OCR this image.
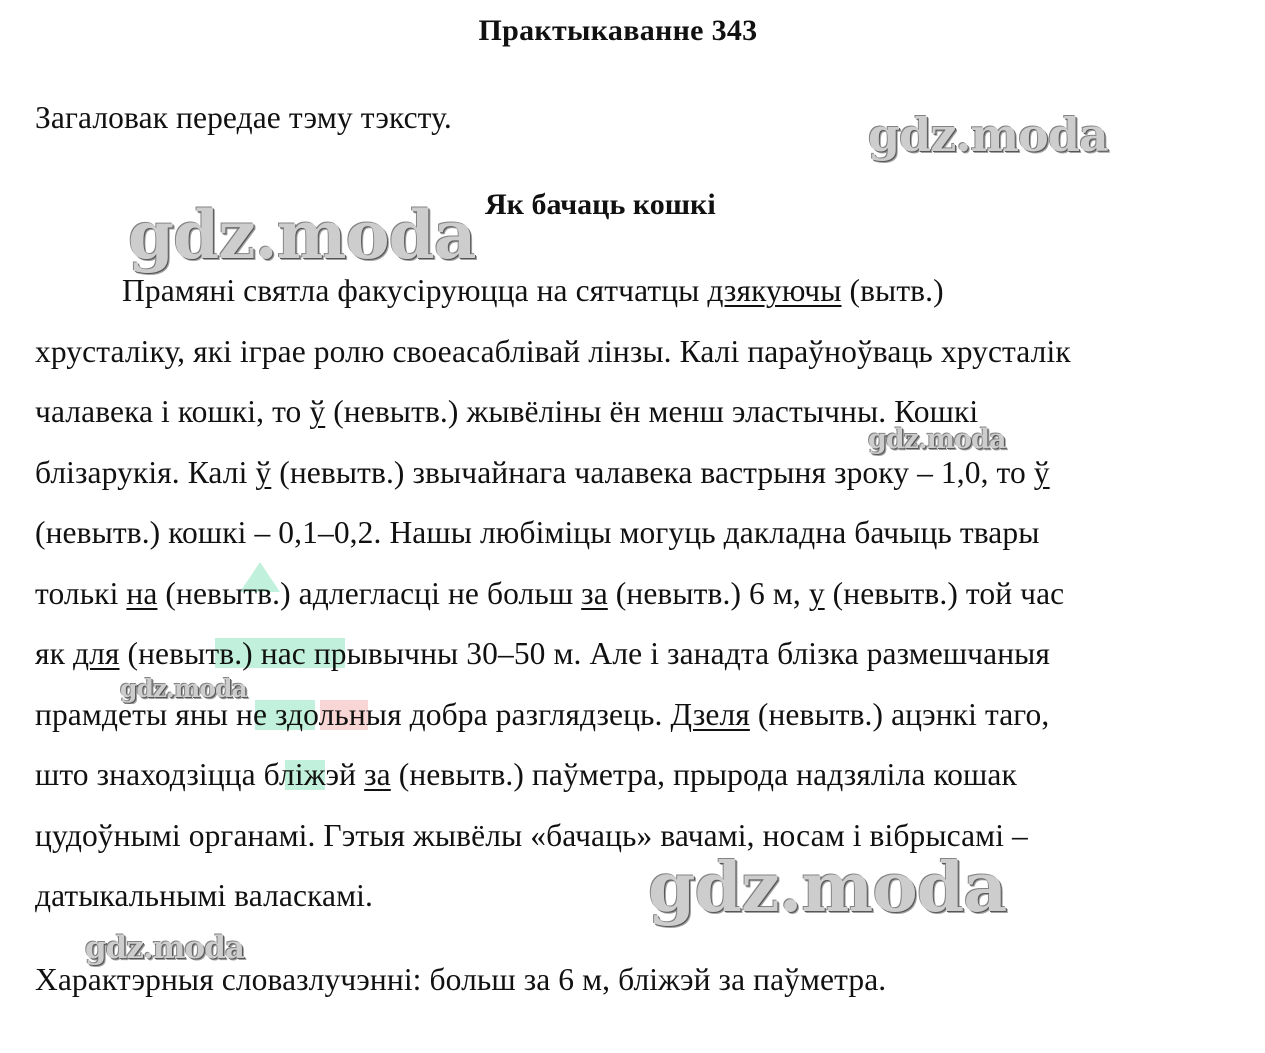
Практыкаванне 343
Загаловак передае тэму тэксту.
Як бачаць кошкі
Прамяні святла факусіруюцца на сятчатцы дзякуючы (вытв.)
хрусталіку, які іграе ролю своеасаблівай лінзы. Калі параўноўваць хрусталік
чалавека і кошкі, то ў (невытв.) жывёліны ён менш эластычны. Кошкі
блізарукія. Калі ў (невытв.) звычайнага чалавека вастрыня зроку – 1,0, то ў
(невытв.) кошкі – 0,1–0,2. Нашы любіміцы могуць дакладна бачыць твары
толькі на (невытв.) адлегласці не больш за (невытв.) 6 м, у (невытв.) той час
як для (невытв.) нас прывычны 30–50 м. Але і занадта блізка размешчаныя
прамдеты яны не здольныя добра разглядзець. Дзеля (невытв.) ацэнкі таго,
што знаходзіцца бліжэй за (невытв.) паўметра, прырода надзяліла кошак
цудоўнымі органамі. Гэтыя жывёлы «бачаць» вачамі, носам і вібрысамі –
датыкальнымі валаскамі.
Характэрныя словазлучэнні: больш за 6 м, бліжэй за паўметра.
gdz.moda
gdz.moda
gdz.moda
gdz.moda
gdz.moda
gdz.moda
